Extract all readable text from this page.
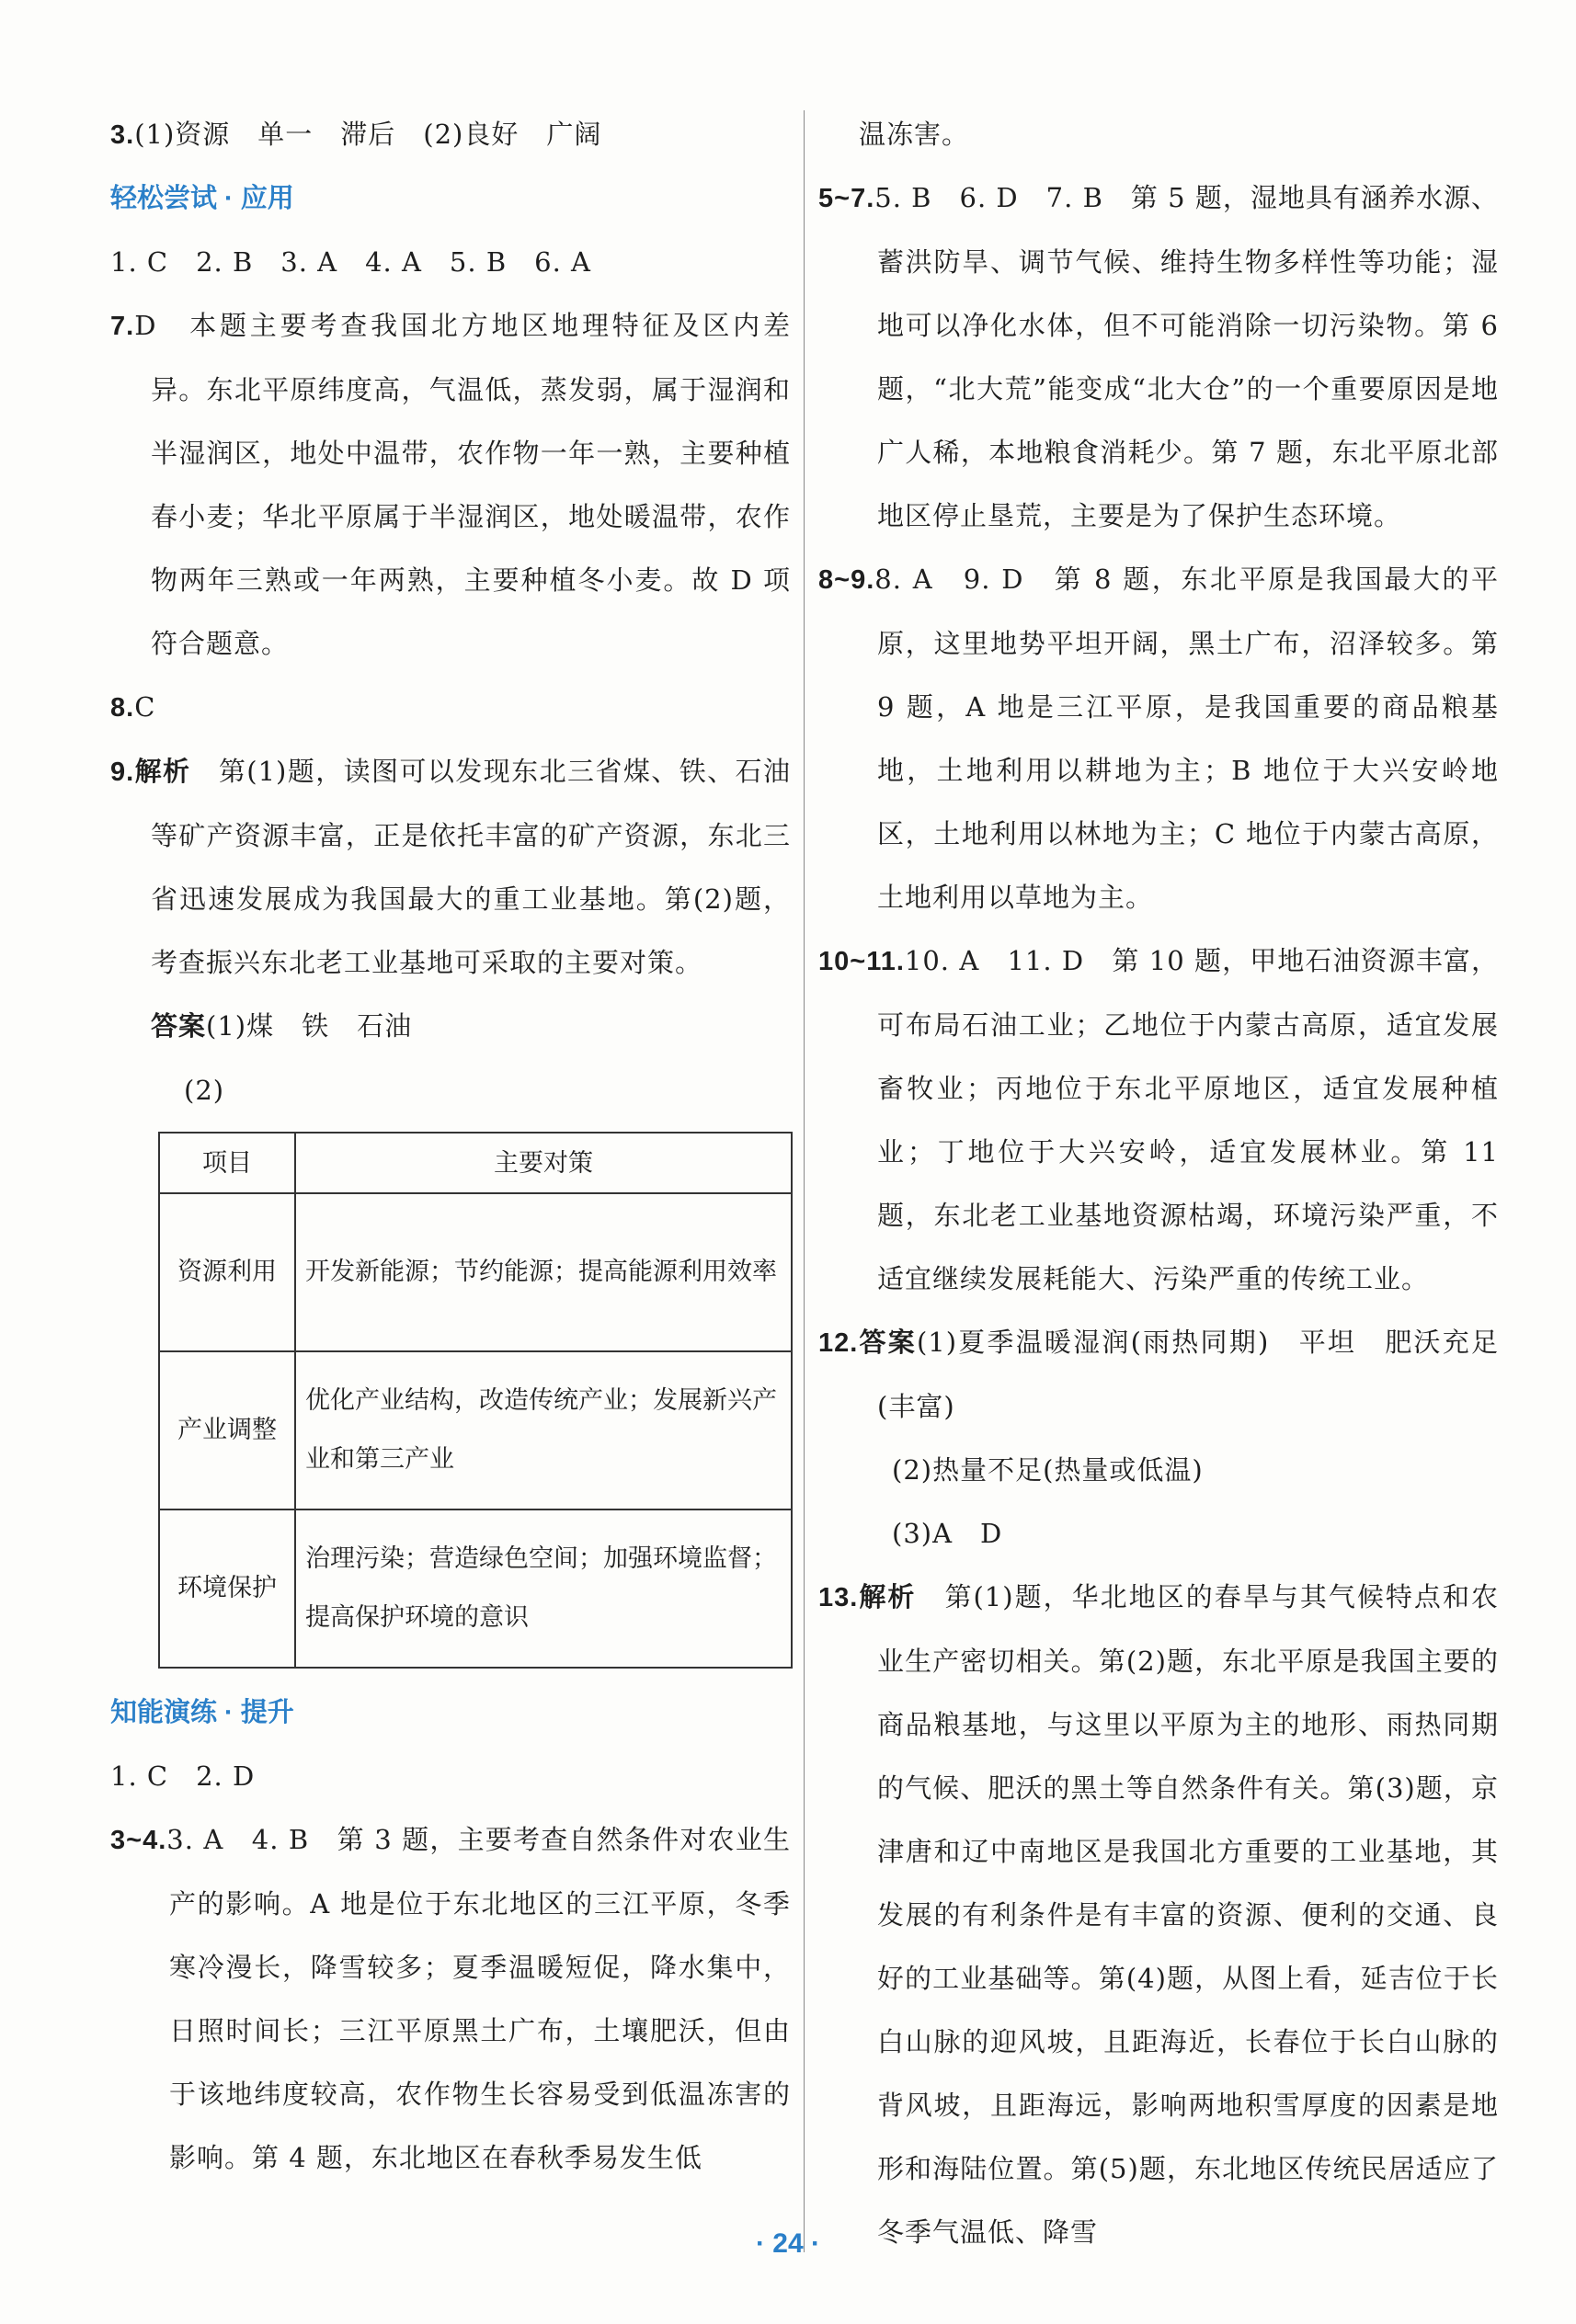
3.(1)资源　单一　滞后　(2)良好　广阔

轻松尝试 · 应用

1. C　2. B　3. A　4. A　5. B　6. A

7.D　本题主要考查我国北方地区地理特征及区内差异。东北平原纬度高，气温低，蒸发弱，属于湿润和半湿润区，地处中温带，农作物一年一熟，主要种植春小麦；华北平原属于半湿润区，地处暖温带，农作物两年三熟或一年两熟，主要种植冬小麦。故 D 项符合题意。

8.C

9.解析　 第(1)题，读图可以发现东北三省煤、铁、石油等矿产资源丰富，正是依托丰富的矿产资源，东北三省迅速发展成为我国最大的重工业基地。第(2)题，考查振兴东北老工业基地可采取的主要对策。

答案(1)煤　铁　石油

(2)

项目	主要对策
资源利用	开发新能源；节约能源；提高能源利用效率
产业调整	优化产业结构，改造传统产业；发展新兴产业和第三产业
环境保护	治理污染；营造绿色空间；加强环境监督；提高保护环境的意识

知能演练 · 提升

1. C　2. D

3~4.3. A　4. B　第 3 题，主要考查自然条件对农业生产的影响。A 地是位于东北地区的三江平原，冬季寒冷漫长，降雪较多；夏季温暖短促，降水集中，日照时间长；三江平原黑土广布，土壤肥沃，但由于该地纬度较高，农作物生长容易受到低温冻害的影响。第 4 题，东北地区在春秋季易发生低

温冻害。

5~7.5. B　6. D　7. B　第 5 题，湿地具有涵养水源、蓄洪防旱、调节气候、维持生物多样性等功能；湿地可以净化水体，但不可能消除一切污染物。第 6 题，“北大荒”能变成“北大仓”的一个重要原因是地广人稀，本地粮食消耗少。第 7 题，东北平原北部地区停止垦荒，主要是为了保护生态环境。

8~9.8. A　9. D　第 8 题，东北平原是我国最大的平原，这里地势平坦开阔，黑土广布，沼泽较多。第 9 题，A 地是三江平原，是我国重要的商品粮基地，土地利用以耕地为主；B 地位于大兴安岭地区，土地利用以林地为主；C 地位于内蒙古高原，土地利用以草地为主。

10~11.10. A　11. D　第 10 题，甲地石油资源丰富，可布局石油工业；乙地位于内蒙古高原，适宜发展畜牧业；丙地位于东北平原地区，适宜发展种植业；丁地位于大兴安岭，适宜发展林业。第 11 题，东北老工业基地资源枯竭，环境污染严重，不适宜继续发展耗能大、污染严重的传统工业。

12.答案(1)夏季温暖湿润(雨热同期)　平坦　肥沃充足(丰富)

(2)热量不足(热量或低温)

(3)A　D

13.解析　 第(1)题，华北地区的春旱与其气候特点和农业生产密切相关。第(2)题，东北平原是我国主要的商品粮基地，与这里以平原为主的地形、雨热同期的气候、肥沃的黑土等自然条件有关。第(3)题，京津唐和辽中南地区是我国北方重要的工业基地，其发展的有利条件是有丰富的资源、便利的交通、良好的工业基础等。第(4)题，从图上看，延吉位于长白山脉的迎风坡，且距海近，长春位于长白山脉的背风坡，且距海远，影响两地积雪厚度的因素是地形和海陆位置。第(5)题，东北地区传统民居适应了冬季气温低、降雪

· 24 ·
